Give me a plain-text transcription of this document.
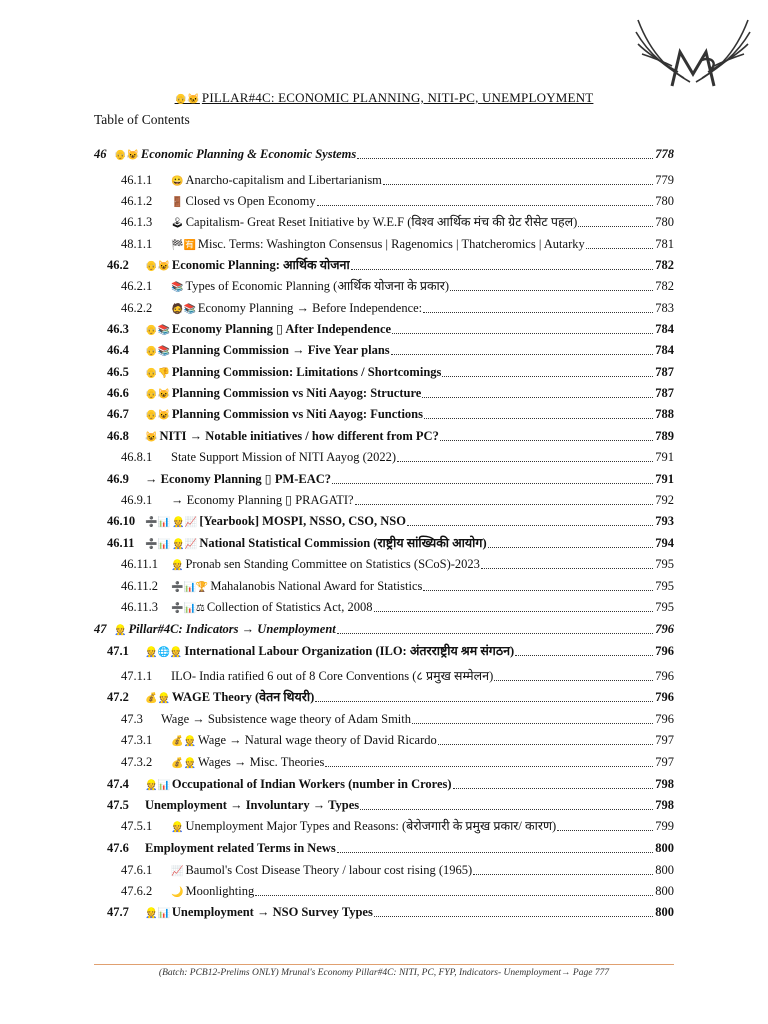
👴🐱 PILLAR#4C: ECONOMIC PLANNING, NITI-PC, UNEMPLOYMENT
Table of Contents
46 👴😺 Economic Planning & Economic Systems	778
46.1.1	😀 Anarcho-capitalism and Libertarianism	779
46.1.2	🚪 Closed vs Open Economy	780
46.1.3	🕹 Capitalism- Great Reset Initiative by W.E.F (विश्व आर्थिक मंच की ग्रेट रीसेट पहल)	780
48.1.1	🏁🈶 Misc. Terms: Washington Consensus | Ragenomics | Thatcheromics | Autarky	781
46.2	👴😺 Economic Planning: आर्थिक योजना	782
46.2.1	📚 Types of Economic Planning (आर्थिक योजना के प्रकार)	782
46.2.2	🧔📚 Economy Planning → Before Independence:	783
46.3	👴📚 Economy Planning ▯ After Independence	784
46.4	👴📚 Planning Commission → Five Year plans	784
46.5	👴👎 Planning Commission: Limitations / Shortcomings	787
46.6	👴😺 Planning Commission vs Niti Aayog: Structure	787
46.7	👴😺 Planning Commission vs Niti Aayog: Functions	788
46.8	😺 NITI → Notable initiatives / how different from PC?	789
46.8.1	State Support Mission of NITI Aayog (2022)	791
46.9	→ Economy Planning ▯ PM-EAC?	791
46.9.1	→ Economy Planning ▯ PRAGATI?	792
46.10 ➗📊 👷📈 [Yearbook] MOSPI, NSSO, CSO, NSO	793
46.11	➗📊 👷📈 National Statistical Commission (राष्ट्रीय सांख्यिकी आयोग)	794
46.11.1	👷 Pronab sen Standing Committee on Statistics (SCoS)-2023	795
46.11.2	➗📊🏆 Mahalanobis National Award for Statistics	795
46.11.3	➗📊⚖ Collection of Statistics Act, 2008	795
47 👷 Pillar#4C: Indicators → Unemployment	796
47.1	👷🌐👷 International Labour Organization (ILO: अंतरराष्ट्रीय श्रम संगठन)	796
47.1.1	ILO- India ratified 6 out of 8 Core Conventions (८ प्रमुख सम्मेलन)	796
47.2	💰👷 WAGE Theory (वेतन थियरी)	796
47.3	Wage → Subsistence wage theory of Adam Smith	796
47.3.1	💰👷 Wage → Natural wage theory of David Ricardo	797
47.3.2	💰👷 Wages → Misc. Theories	797
47.4	👷📊 Occupational of Indian Workers (number in Crores)	798
47.5	Unemployment → Involuntary → Types	798
47.5.1	👷 Unemployment Major Types and Reasons: (बेरोजगारी के प्रमुख प्रकार/ कारण)	799
47.6	Employment related Terms in News	800
47.6.1	📈 Baumol's Cost Disease Theory / labour cost rising (1965)	800
47.6.2	🌙 Moonlighting	800
47.7	👷📊 Unemployment → NSO Survey Types	800
(Batch: PCB12-Prelims ONLY) Mrunal's Economy Pillar#4C: NITI, PC, FYP, Indicators- Unemployment→ Page 777
